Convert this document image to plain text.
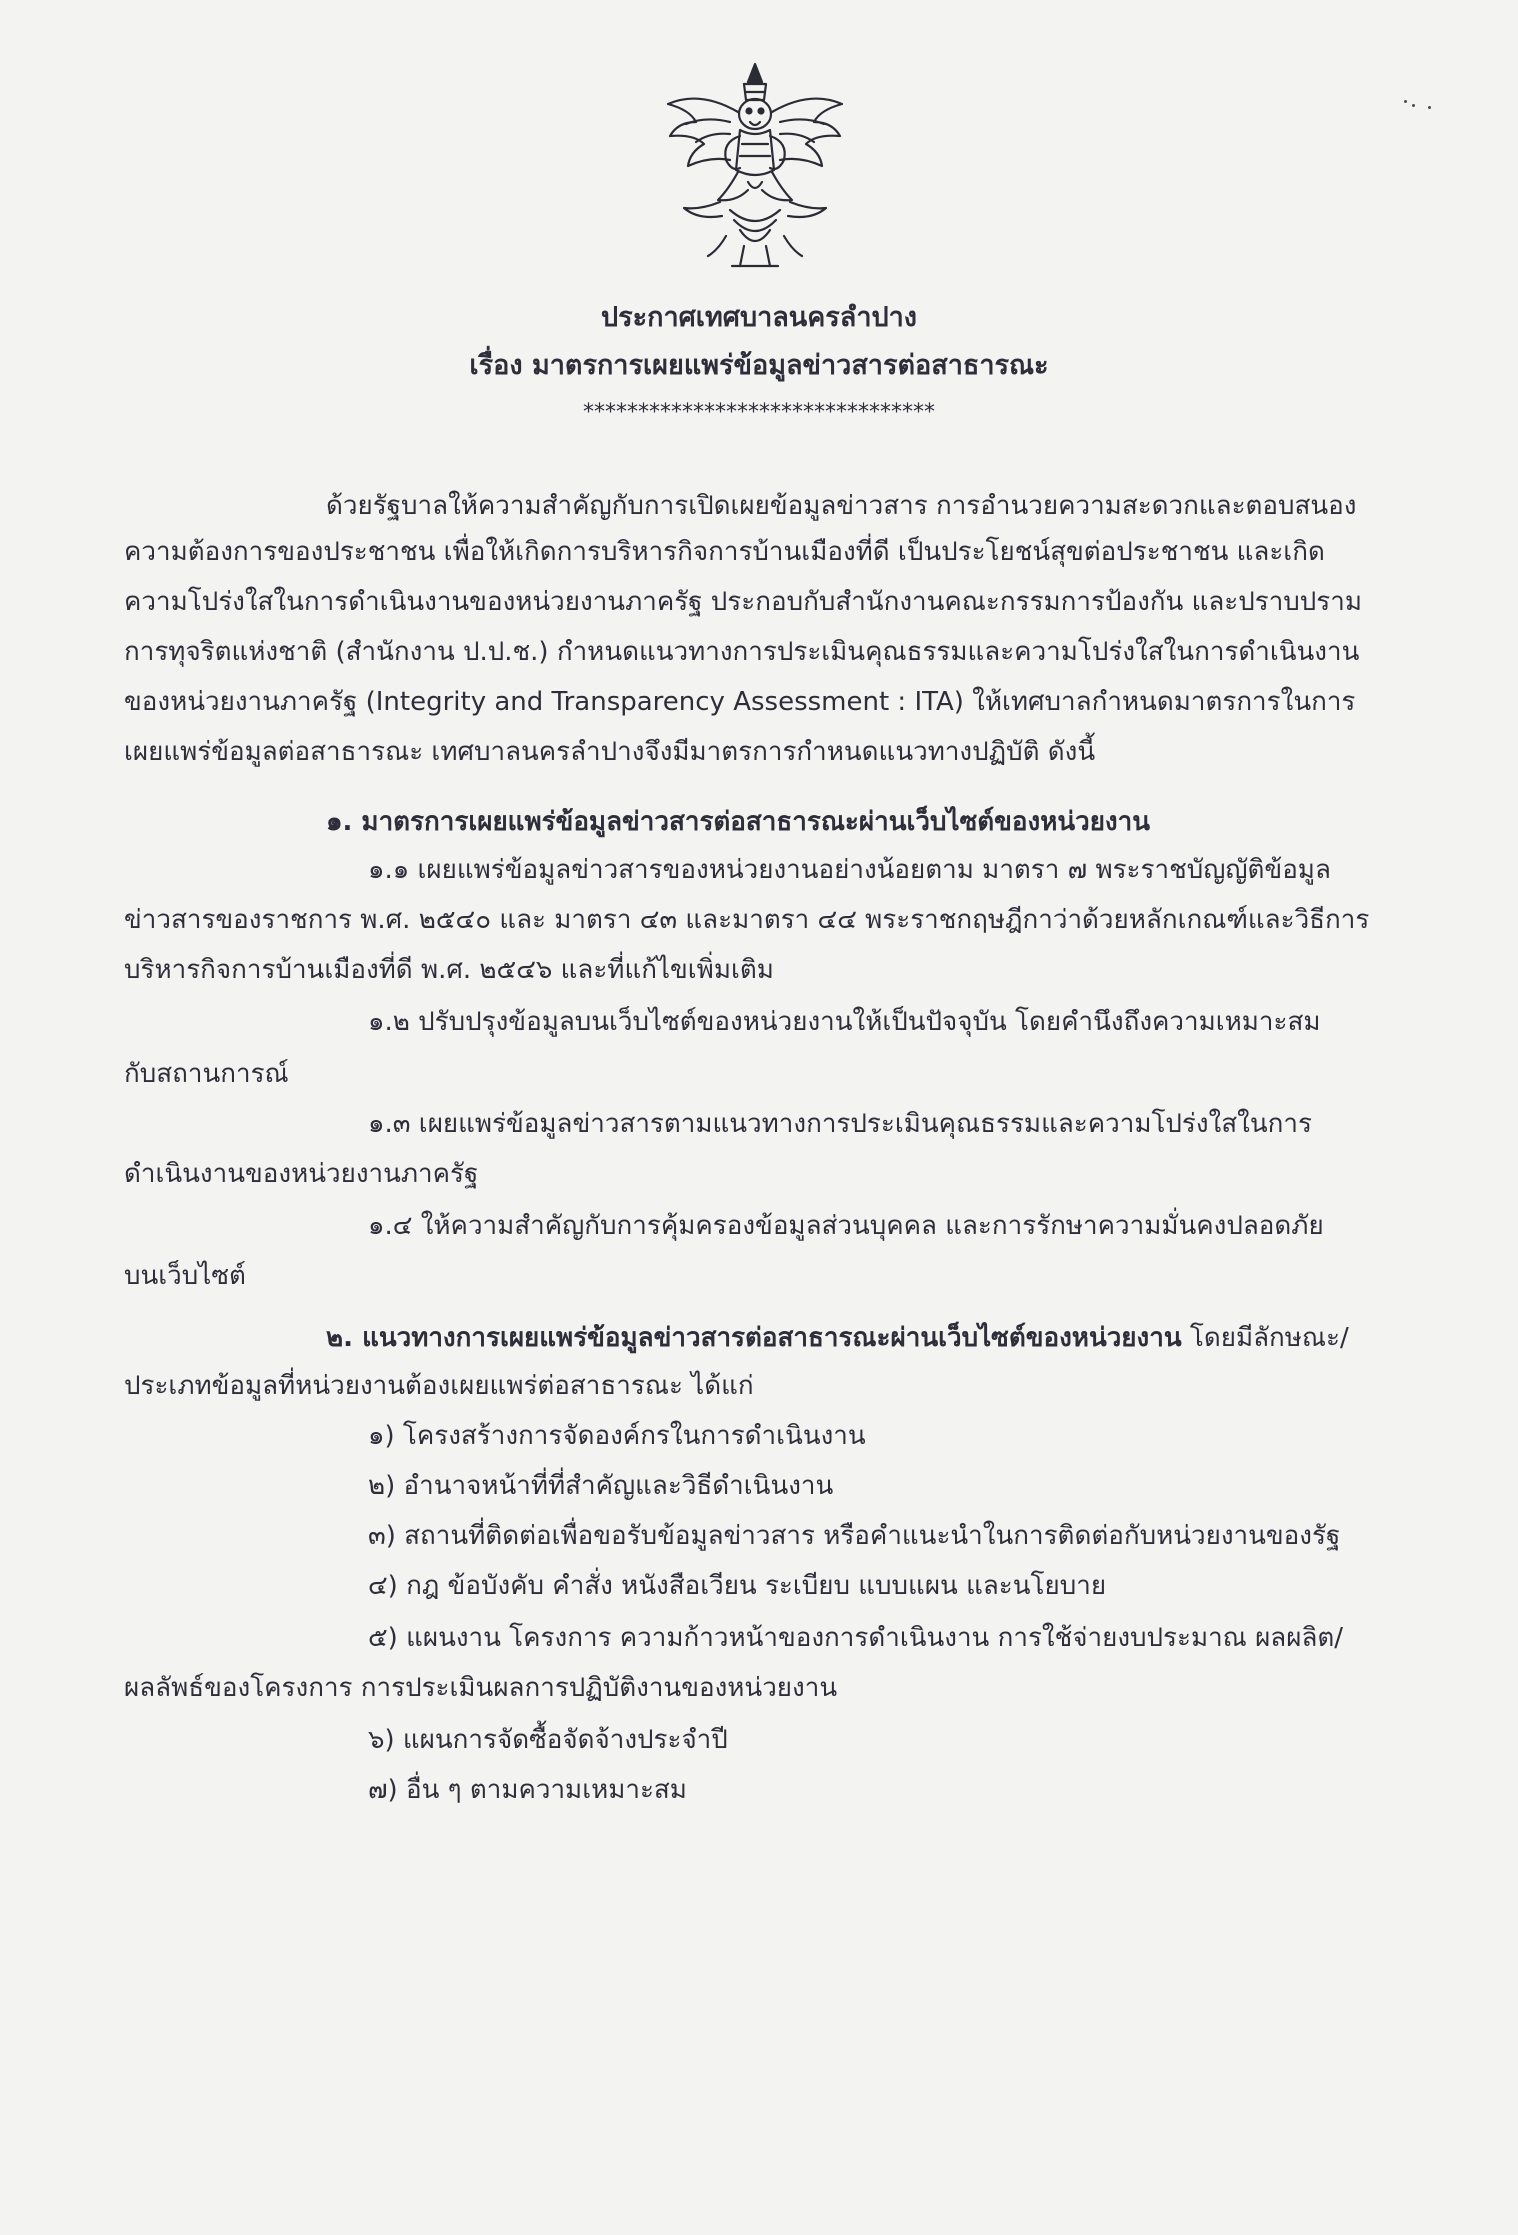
ประกาศเทศบาลนครลำปาง
เรื่อง มาตรการเผยแพร่ข้อมูลข่าวสารต่อสาธารณะ
********************************
ด้วยรัฐบาลให้ความสำคัญกับการเปิดเผยข้อมูลข่าวสาร การอำนวยความสะดวกและตอบสนอง
ความต้องการของประชาชน เพื่อให้เกิดการบริหารกิจการบ้านเมืองที่ดี เป็นประโยชน์สุขต่อประชาชน และเกิด
ความโปร่งใสในการดำเนินงานของหน่วยงานภาครัฐ ประกอบกับสำนักงานคณะกรรมการป้องกัน และปราบปราม
การทุจริตแห่งชาติ (สำนักงาน ป.ป.ช.) กำหนดแนวทางการประเมินคุณธรรมและความโปร่งใสในการดำเนินงาน
ของหน่วยงานภาครัฐ (Integrity and Transparency Assessment : ITA) ให้เทศบาลกำหนดมาตรการในการ
เผยแพร่ข้อมูลต่อสาธารณะ เทศบาลนครลำปางจึงมีมาตรการกำหนดแนวทางปฏิบัติ ดังนี้
๑. มาตรการเผยแพร่ข้อมูลข่าวสารต่อสาธารณะผ่านเว็บไซต์ของหน่วยงาน
๑.๑ เผยแพร่ข้อมูลข่าวสารของหน่วยงานอย่างน้อยตาม มาตรา ๗ พระราชบัญญัติข้อมูล
ข่าวสารของราชการ พ.ศ. ๒๕๔๐ และ มาตรา ๔๓ และมาตรา ๔๔ พระราชกฤษฎีกาว่าด้วยหลักเกณฑ์และวิธีการ
บริหารกิจการบ้านเมืองที่ดี พ.ศ. ๒๕๔๖ และที่แก้ไขเพิ่มเติม
๑.๒ ปรับปรุงข้อมูลบนเว็บไซต์ของหน่วยงานให้เป็นปัจจุบัน โดยคำนึงถึงความเหมาะสม
กับสถานการณ์
๑.๓ เผยแพร่ข้อมูลข่าวสารตามแนวทางการประเมินคุณธรรมและความโปร่งใสในการ
ดำเนินงานของหน่วยงานภาครัฐ
๑.๔ ให้ความสำคัญกับการคุ้มครองข้อมูลส่วนบุคคล และการรักษาความมั่นคงปลอดภัย
บนเว็บไซต์
๒. แนวทางการเผยแพร่ข้อมูลข่าวสารต่อสาธารณะผ่านเว็บไซต์ของหน่วยงาน โดยมีลักษณะ/
ประเภทข้อมูลที่หน่วยงานต้องเผยแพร่ต่อสาธารณะ ได้แก่
๑) โครงสร้างการจัดองค์กรในการดำเนินงาน
๒) อำนาจหน้าที่ที่สำคัญและวิธีดำเนินงาน
๓) สถานที่ติดต่อเพื่อขอรับข้อมูลข่าวสาร หรือคำแนะนำในการติดต่อกับหน่วยงานของรัฐ
๔) กฎ ข้อบังคับ คำสั่ง หนังสือเวียน ระเบียบ แบบแผน และนโยบาย
๕) แผนงาน โครงการ ความก้าวหน้าของการดำเนินงาน การใช้จ่ายงบประมาณ ผลผลิต/
ผลลัพธ์ของโครงการ การประเมินผลการปฏิบัติงานของหน่วยงาน
๖) แผนการจัดซื้อจัดจ้างประจำปี
๗) อื่น ๆ ตามความเหมาะสม
